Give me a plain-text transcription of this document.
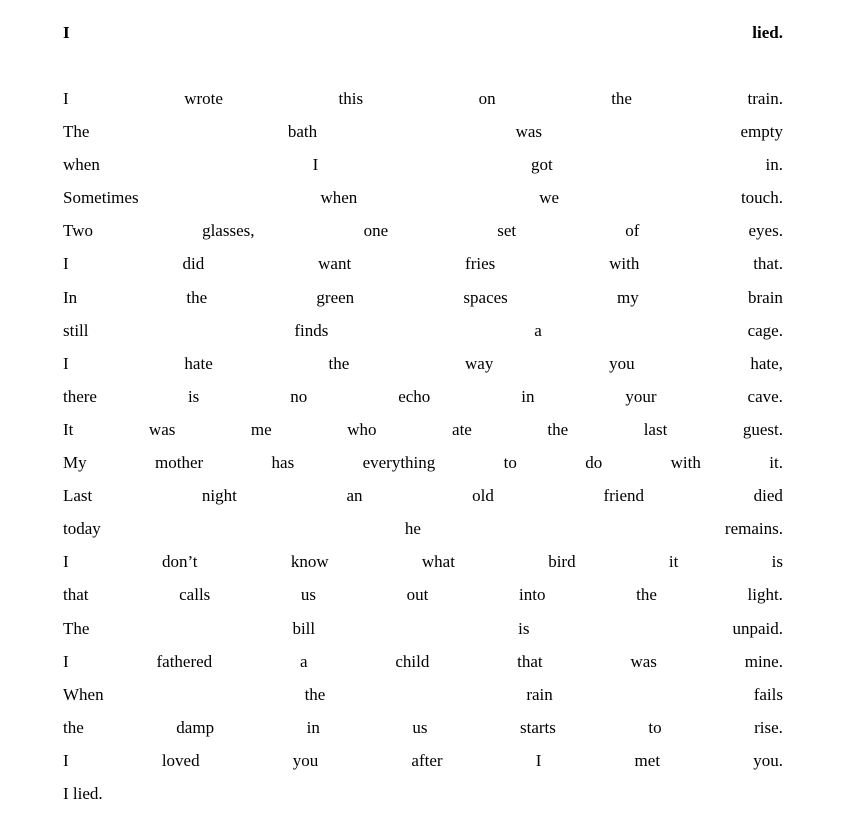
I	lied.
I	wrote	this	on	the	train.
The	bath	was	empty
when	I	got	in.
Sometimes	when	we	touch.
Two	glasses,	one	set	of	eyes.
I	did	want	fries	with	that.
In	the	green	spaces	my	brain
still	finds	a	cage.
I	hate	the	way	you	hate,
there	is	no	echo	in	your	cave.
It	was	me	who	ate	the	last	guest.
My	mother	has	everything	to	do	with	it.
Last	night	an	old	friend	died
today	he	remains.
I	don’t	know	what	bird	it	is
that	calls	us	out	into	the	light.
The	bill	is	unpaid.
I	fathered	a	child	that	was	mine.
When	the	rain	fails
the	damp	in	us	starts	to	rise.
I	loved	you	after	I	met	you.
I lied.
